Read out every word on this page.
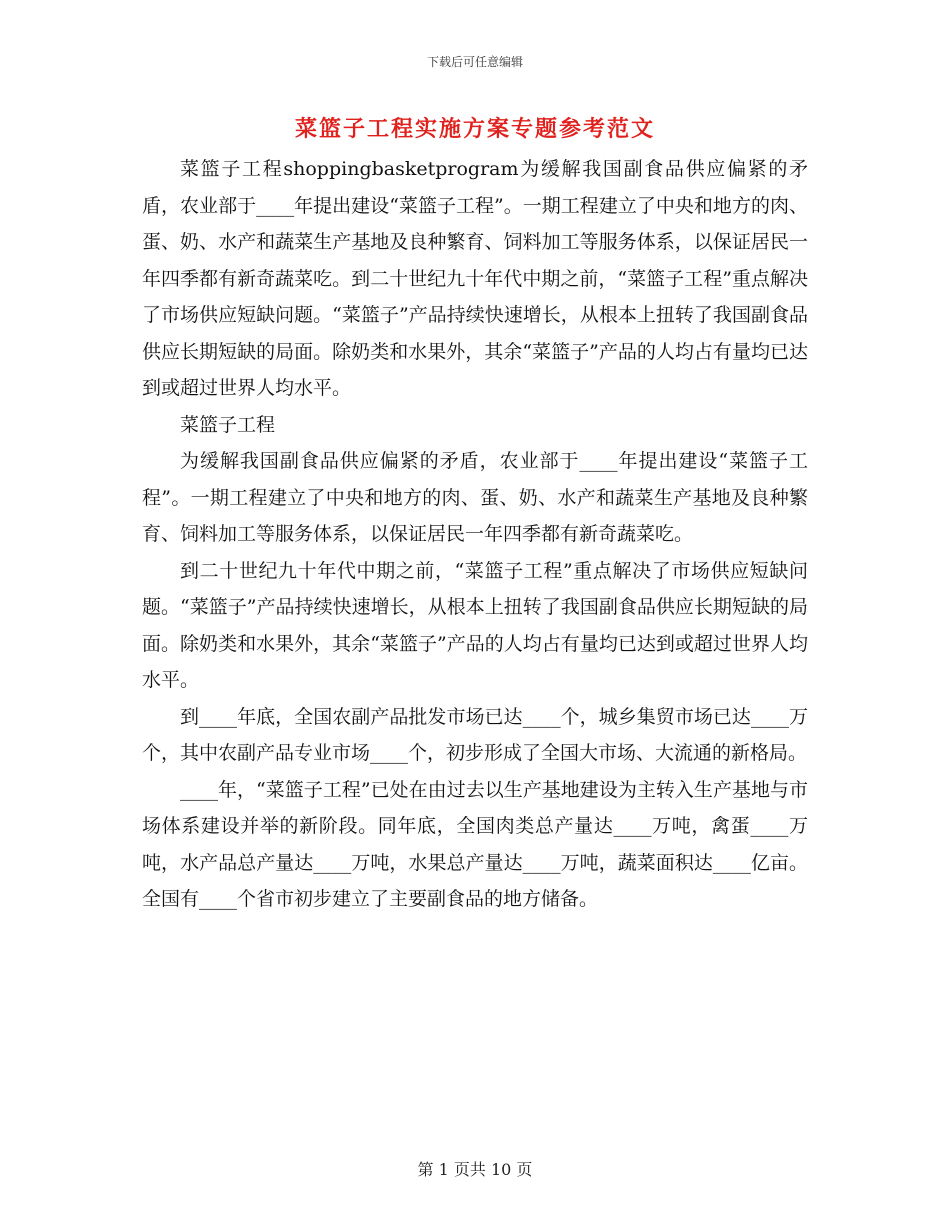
下载后可任意编辑
菜篮子工程实施方案专题参考范文

菜篮子工程shoppingbasketprogram为缓解我国副食品供应偏紧的矛盾，农业部于____年提出建设“菜篮子工程”。一期工程建立了中央和地方的肉、蛋、奶、水产和蔬菜生产基地及良种繁育、饲料加工等服务体系，以保证居民一年四季都有新奇蔬菜吃。到二十世纪九十年代中期之前，“菜篮子工程”重点解决了市场供应短缺问题。“菜篮子”产品持续快速增长，从根本上扭转了我国副食品供应长期短缺的局面。除奶类和水果外，其余“菜篮子”产品的人均占有量均已达到或超过世界人均水平。

菜篮子工程

为缓解我国副食品供应偏紧的矛盾，农业部于____年提出建设“菜篮子工程”。一期工程建立了中央和地方的肉、蛋、奶、水产和蔬菜生产基地及良种繁育、饲料加工等服务体系，以保证居民一年四季都有新奇蔬菜吃。

到二十世纪九十年代中期之前，“菜篮子工程”重点解决了市场供应短缺问题。“菜篮子”产品持续快速增长，从根本上扭转了我国副食品供应长期短缺的局面。除奶类和水果外，其余“菜篮子”产品的人均占有量均已达到或超过世界人均水平。

到____年底，全国农副产品批发市场已达____个，城乡集贸市场已达____万个，其中农副产品专业市场____个，初步形成了全国大市场、大流通的新格局。

____年，“菜篮子工程”已处在由过去以生产基地建设为主转入生产基地与市场体系建设并举的新阶段。同年底，全国肉类总产量达____万吨，禽蛋____万吨，水产品总产量达____万吨，水果总产量达____万吨，蔬菜面积达____亿亩。全国有____个省市初步建立了主要副食品的地方储备。

第 1 页共 10 页
